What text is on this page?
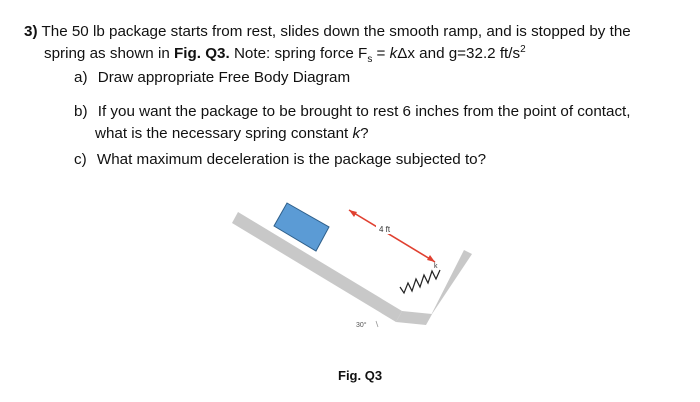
3) The 50 lb package starts from rest, slides down the smooth ramp, and is stopped by the
spring as shown in Fig. Q3. Note: spring force $F_s = k\Delta x$ and g=32.2 $ft/s^2$
a) Draw appropriate Free Body Diagram
b) If you want the package to be brought to rest 6 inches from the point of contact,
what is the necessary spring constant k?
c) What maximum deceleration is the package subjected to?
4 ft
k
30°
Fig. Q3
